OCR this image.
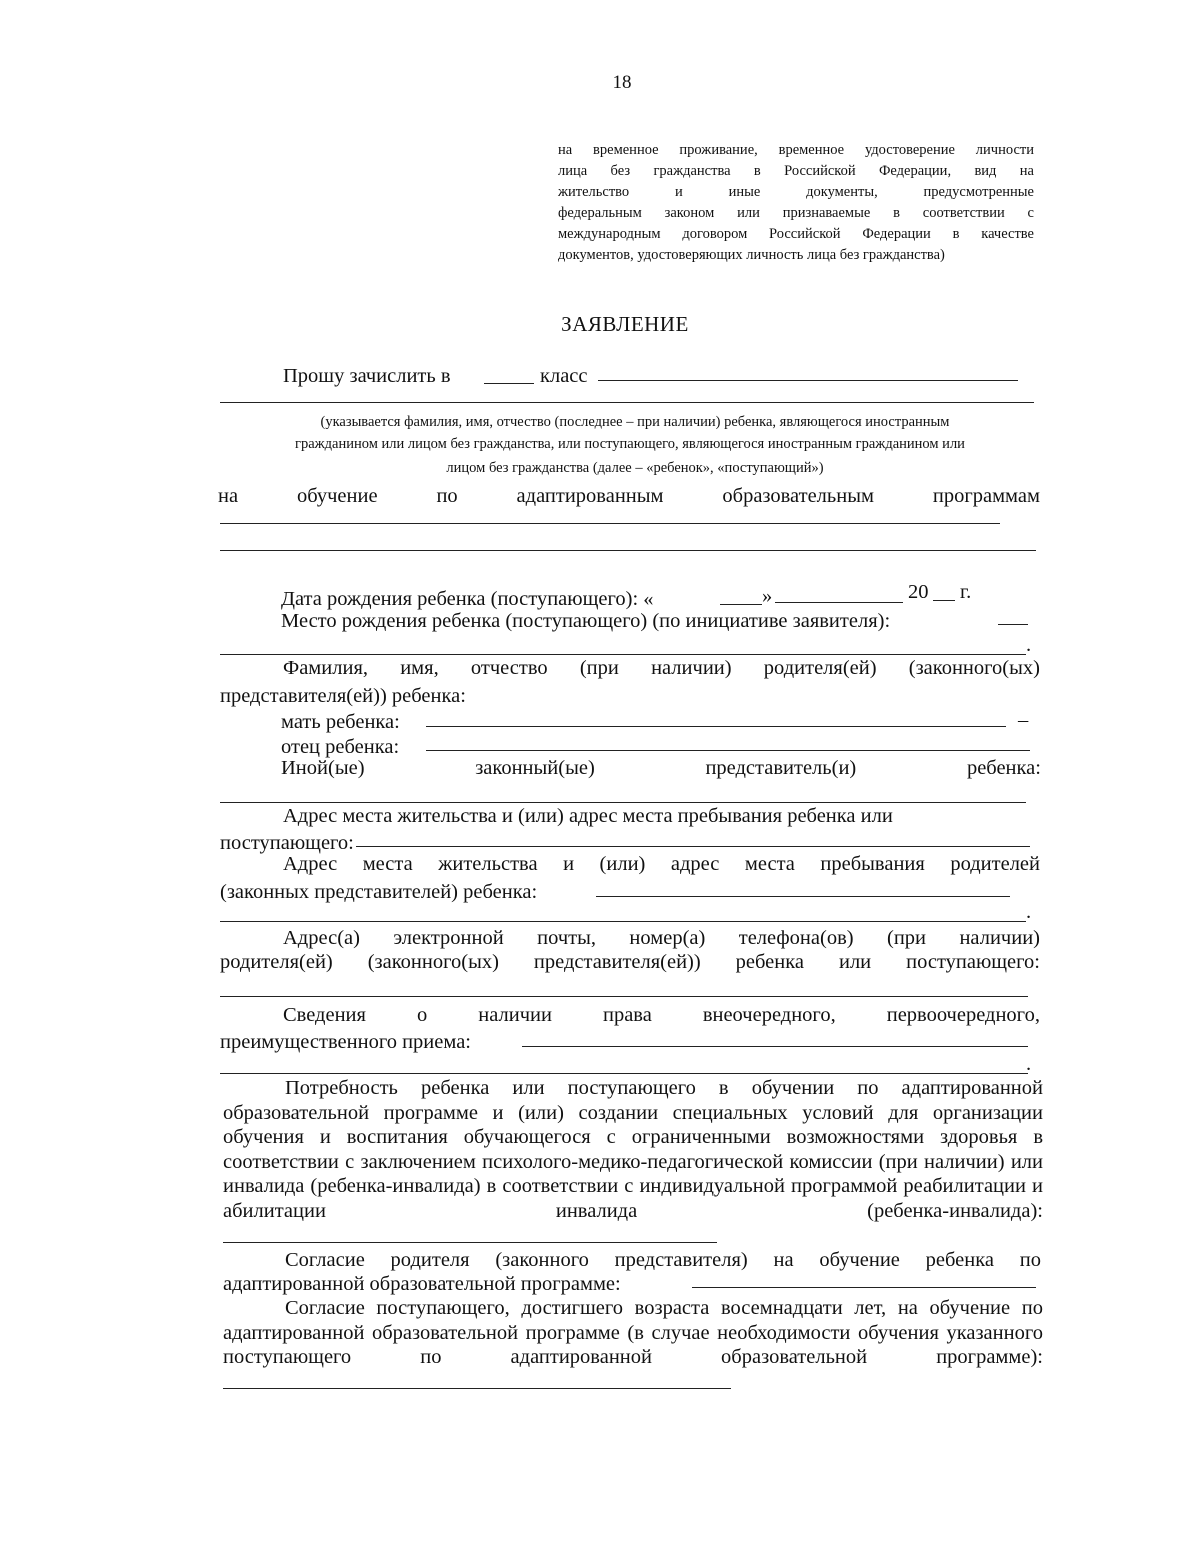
18
на временное проживание, временное удостоверение личности
лица без гражданства в Российской Федерации, вид на
жительство и иные документы, предусмотренные
федеральным законом или признаваемые в соответствии с
международным договором Российской Федерации в качестве
документов, удостоверяющих личность лица без гражданства)
ЗАЯВЛЕНИЕ
Прошу зачислить в	класс
(указывается фамилия, имя, отчество (последнее – при наличии) ребенка, являющегося иностранным
гражданином или лицом без гражданства, или поступающего, являющегося иностранным гражданином или
лицом без гражданства (далее – «ребенок», «поступающий»)
на	обучение	по	адаптированным	образовательным	программам
Дата рождения ребенка (поступающего): «	»	20 г.
Место рождения ребенка (поступающего) (по инициативе заявителя):
.
Фамилия, имя, отчество (при наличии) родителя(ей) (законного(ых)
представителя(ей)) ребенка:
мать ребенка:	–
отец ребенка:
Иной(ые)	законный(ые)	представитель(и)	ребенка:
Адрес места жительства и (или) адрес места пребывания ребенка или
поступающего:
Адрес места жительства и (или) адрес места пребывания родителей
(законных представителей) ребенка:
.
Адрес(а) электронной почты, номер(а) телефона(ов) (при наличии)
родителя(ей) (законного(ых) представителя(ей)) ребенка или поступающего:
Сведения о наличии права внеочередного, первоочередного,
преимущественного приема:
.
Потребность ребенка или поступающего в обучении по адаптированной образовательной программе и (или) создании специальных условий для организации обучения и воспитания обучающегося с ограниченными возможностями здоровья в соответствии с заключением психолого-медико-педагогической комиссии (при наличии) или инвалида (ребенка-инвалида) в соответствии с индивидуальной программой реабилитации и абилитации инвалида (ребенка-инвалида):
Согласие родителя (законного представителя) на обучение ребенка по
адаптированной образовательной программе:
Согласие поступающего, достигшего возраста восемнадцати лет, на обучение по адаптированной образовательной программе (в случае необходимости обучения указанного поступающего по адаптированной образовательной программе):
